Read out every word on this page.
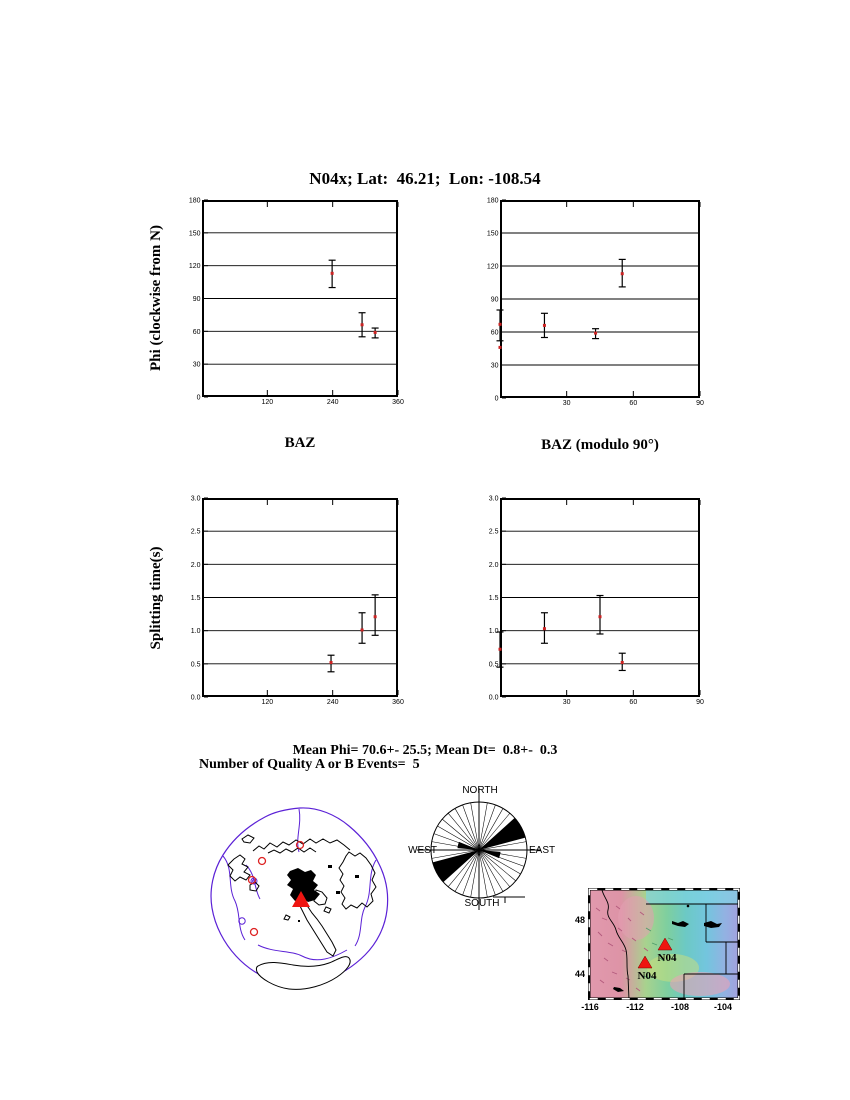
N04x; Lat:  46.21;  Lon: -108.54
Phi (clockwise from N)
Splitting time(s)
0
30
60
90
120
150
180
120	240	360	0
30
60
90
120
150
180
30	60	90
0.0
0.5
1.0
1.5
2.0
2.5
3.0
120	240	360
0.0
0.5
1.0
1.5
2.0
2.5
3.0
30	60	90
BAZ	BAZ (modulo 90°)
Mean Phi= 70.6+- 25.5; Mean Dt=  0.8+-  0.3
Number of Quality A or B Events=  5
NORTH
SOUTH
WEST	EAST
N04
N04
48
44
-116	-112	-108	-104
